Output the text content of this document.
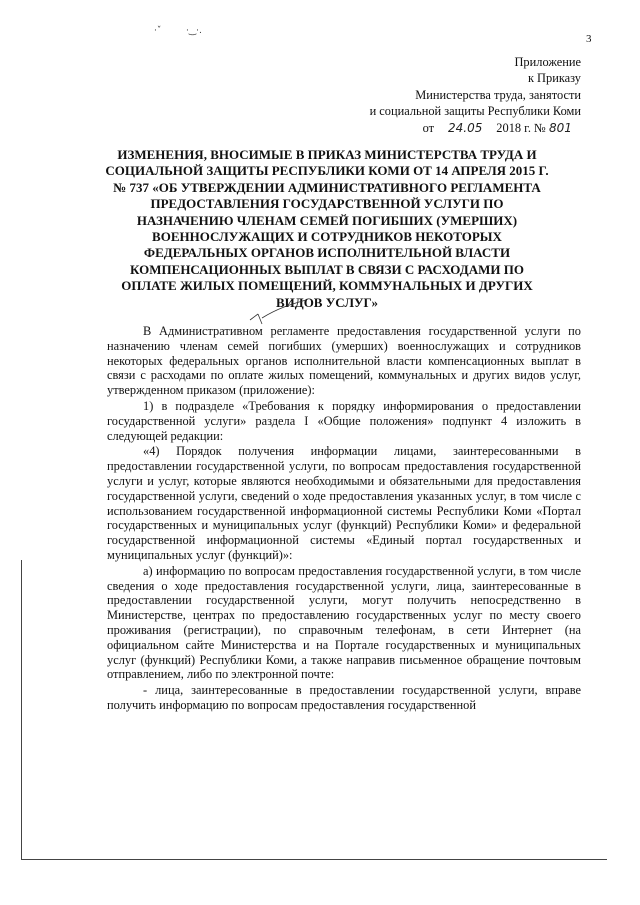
·ˇ	·‿·.
3
Приложение
к Приказу
Министерства труда, занятости
и социальной защиты Республики Коми
от 24.05 2018 г. № 801
ИЗМЕНЕНИЯ, ВНОСИМЫЕ В ПРИКАЗ МИНИСТЕРСТВА ТРУДА И СОЦИАЛЬНОЙ ЗАЩИТЫ РЕСПУБЛИКИ КОМИ ОТ 14 АПРЕЛЯ 2015 Г. № 737 «ОБ УТВЕРЖДЕНИИ АДМИНИСТРАТИВНОГО РЕГЛАМЕНТА ПРЕДОСТАВЛЕНИЯ ГОСУДАРСТВЕННОЙ УСЛУГИ ПО НАЗНАЧЕНИЮ ЧЛЕНАМ СЕМЕЙ ПОГИБШИХ (УМЕРШИХ) ВОЕННОСЛУЖАЩИХ И СОТРУДНИКОВ НЕКОТОРЫХ ФЕДЕРАЛЬНЫХ ОРГАНОВ ИСПОЛНИТЕЛЬНОЙ ВЛАСТИ КОМПЕНСАЦИОННЫХ ВЫПЛАТ В СВЯЗИ С РАСХОДАМИ ПО ОПЛАТЕ ЖИЛЫХ ПОМЕЩЕНИЙ, КОММУНАЛЬНЫХ И ДРУГИХ ВИДОВ УСЛУГ»

В Административном регламенте предоставления государственной услуги по назначению членам семей погибших (умерших) военнослужащих и сотрудников некоторых федеральных органов исполнительной власти компенсационных выплат в связи с расходами по оплате жилых помещений, коммунальных и других видов услуг, утвержденном приказом (приложение):

1) в подразделе «Требования к порядку информирования о предоставлении государственной услуги» раздела I «Общие положения» подпункт 4 изложить в следующей редакции:

«4) Порядок получения информации лицами, заинтересованными в предоставлении государственной услуги, по вопросам предоставления государственной услуги и услуг, которые являются необходимыми и обязательными для предоставления государственной услуги, сведений о ходе предоставления указанных услуг, в том числе с использованием государственной информационной системы Республики Коми «Портал государственных и муниципальных услуг (функций) Республики Коми» и федеральной государственной информационной системы «Единый портал государственных и муниципальных услуг (функций)»:

а) информацию по вопросам предоставления государственной услуги, в том числе сведения о ходе предоставления государственной услуги, лица, заинтересованные в предоставлении государственной услуги, могут получить непосредственно в Министерстве, центрах по предоставлению государственных услуг по месту своего проживания (регистрации), по справочным телефонам, в сети Интернет (на официальном сайте Министерства и на Портале государственных и муниципальных услуг (функций) Республики Коми, а также направив письменное обращение почтовым отправлением, либо по электронной почте:

- лица, заинтересованные в предоставлении государственной услуги, вправе получить информацию по вопросам предоставления государственной
